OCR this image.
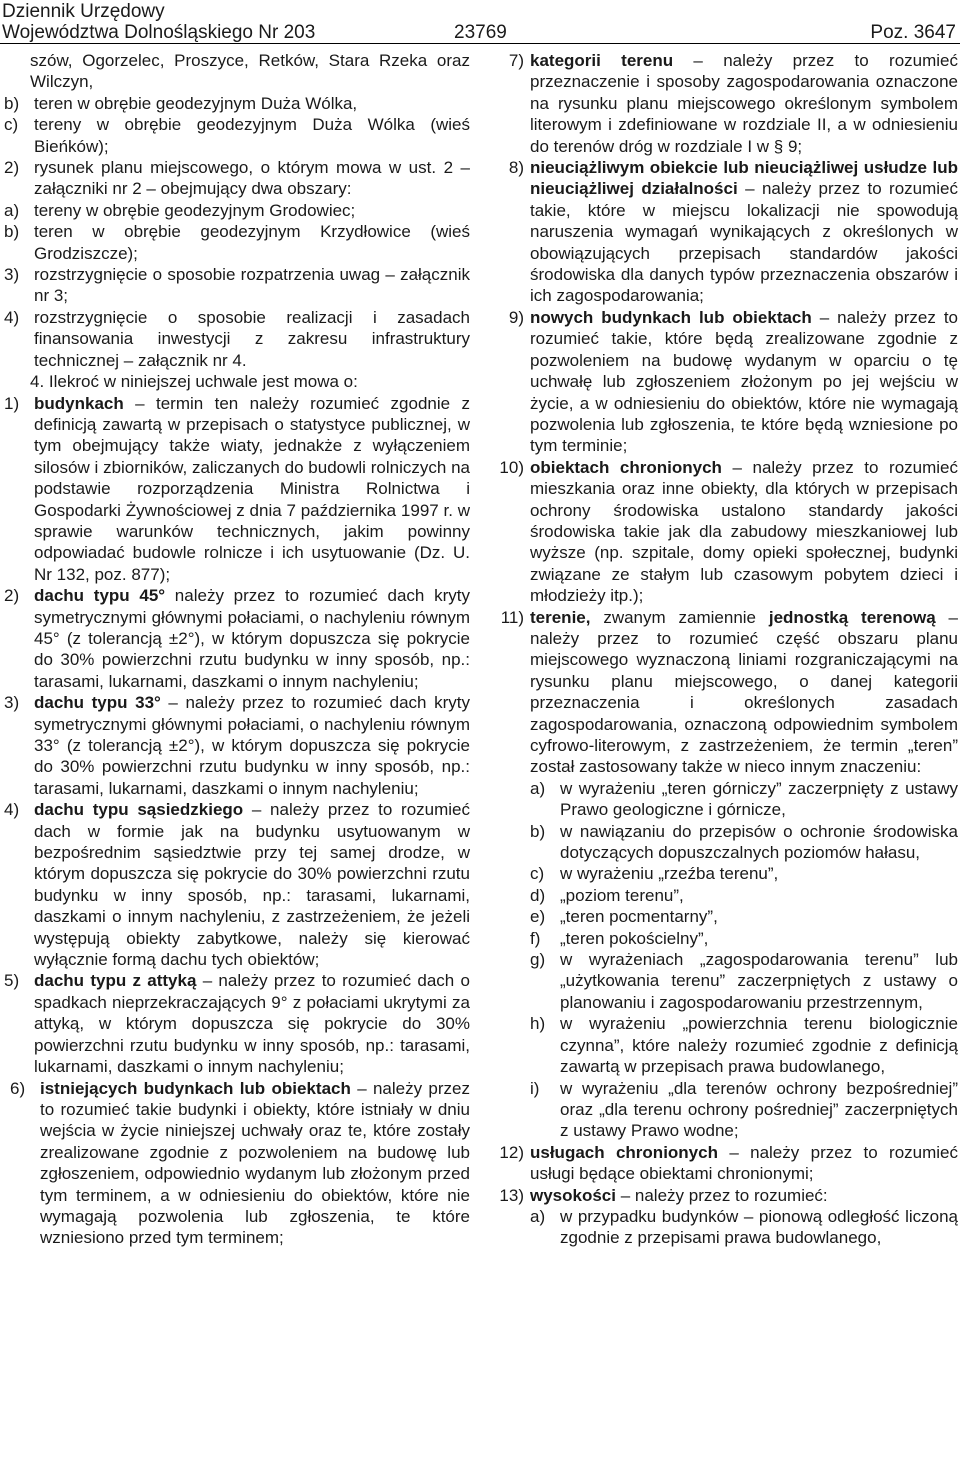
Dziennik Urzędowy
Województwa Dolnośląskiego Nr 203	23769	Poz. 3647

szów, Ogorzelec, Proszyce, Retków, Stara Rzeka oraz Wilczyn,

b) teren w obrębie geodezyjnym Duża Wólka,

c) tereny w obrębie geodezyjnym Duża Wólka (wieś Bieńków);

2) rysunek planu miejscowego, o którym mowa w ust. 2 – załączniki nr 2 – obejmujący dwa obszary:

a) tereny w obrębie geodezyjnym Grodowiec;

b) teren w obrębie geodezyjnym Krzydłowice (wieś Grodziszcze);

3) rozstrzygnięcie o sposobie rozpatrzenia uwag – załącznik nr 3;

4) rozstrzygnięcie o sposobie realizacji i zasadach finansowania inwestycji z zakresu infrastruktury technicznej – załącznik nr 4.

4. Ilekroć w niniejszej uchwale jest mowa o:

1) budynkach – termin ten należy rozumieć zgodnie z definicją zawartą w przepisach o statystyce publicznej, w tym obejmujący także wiaty, jednakże z wyłączeniem silosów i zbiorników, zaliczanych do budowli rolniczych na podstawie rozporządzenia Ministra Rolnictwa i Gospodarki Żywnościowej z dnia 7 października 1997 r. w sprawie warunków technicznych, jakim powinny odpowiadać budowle rolnicze i ich usytuowanie (Dz. U. Nr 132, poz. 877);

2) dachu typu 45° należy przez to rozumieć dach kryty symetrycznymi głównymi połaciami, o nachyleniu równym 45° (z tolerancją ±2°), w którym dopuszcza się pokrycie do 30% powierzchni rzutu budynku w inny sposób, np.: tarasami, lukarnami, daszkami o innym nachyleniu;

3) dachu typu 33° – należy przez to rozumieć dach kryty symetrycznymi głównymi połaciami, o nachyleniu równym 33° (z tolerancją ±2°), w którym dopuszcza się pokrycie do 30% powierzchni rzutu budynku w inny sposób, np.: tarasami, lukarnami, daszkami o innym nachyleniu;

4) dachu typu sąsiedzkiego – należy przez to rozumieć dach w formie jak na budynku usytuowanym w bezpośrednim sąsiedztwie przy tej samej drodze, w którym dopuszcza się pokrycie do 30% powierzchni rzutu budynku w inny sposób, np.: tarasami, lukarnami, daszkami o innym nachyleniu, z zastrzeżeniem, że jeżeli występują obiekty zabytkowe, należy się kierować wyłącznie formą dachu tych obiektów;

5) dachu typu z attyką – należy przez to rozumieć dach o spadkach nieprzekraczających 9° z połaciami ukrytymi za attyką, w którym dopuszcza się pokrycie do 30% powierzchni rzutu budynku w inny sposób, np.: tarasami, lukarnami, daszkami o innym nachyleniu;

6) istniejących budynkach lub obiektach – należy przez to rozumieć takie budynki i obiekty, które istniały w dniu wejścia w życie niniejszej uchwały oraz te, które zostały zrealizowane zgodnie z pozwoleniem na budowę lub zgłoszeniem, odpowiednio wydanym lub złożonym przed tym terminem, a w odniesieniu do obiektów, które nie wymagają pozwolenia lub zgłoszenia, te które wzniesiono przed tym terminem;

7) kategorii terenu – należy przez to rozumieć przeznaczenie i sposoby zagospodarowania oznaczone na rysunku planu miejscowego określonym symbolem literowym i zdefiniowane w rozdziale II, a w odniesieniu do terenów dróg w rozdziale I w § 9;

8) nieuciążliwym obiekcie lub nieuciążliwej usłudze lub nieuciążliwej działalności – należy przez to rozumieć takie, które w miejscu lokalizacji nie spowodują naruszenia wymagań wynikających z określonych w obowiązujących przepisach standardów jakości środowiska dla danych typów przeznaczenia obszarów i ich zagospodarowania;

9) nowych budynkach lub obiektach – należy przez to rozumieć takie, które będą zrealizowane zgodnie z pozwoleniem na budowę wydanym w oparciu o tę uchwałę lub zgłoszeniem złożonym po jej wejściu w życie, a w odniesieniu do obiektów, które nie wymagają pozwolenia lub zgłoszenia, te które będą wzniesione po tym terminie;

10) obiektach chronionych – należy przez to rozumieć mieszkania oraz inne obiekty, dla których w przepisach ochrony środowiska ustalono standardy jakości środowiska takie jak dla zabudowy mieszkaniowej lub wyższe (np. szpitale, domy opieki społecznej, budynki związane ze stałym lub czasowym pobytem dzieci i młodzieży itp.);

11) terenie, zwanym zamiennie jednostką terenową – należy przez to rozumieć część obszaru planu miejscowego wyznaczoną liniami rozgraniczającymi na rysunku planu miejscowego, o danej kategorii przeznaczenia i określonych zasadach zagospodarowania, oznaczoną odpowiednim symbolem cyfrowo-literowym, z zastrzeżeniem, że termin „teren” został zastosowany także w nieco innym znaczeniu:

a) w wyrażeniu „teren górniczy” zaczerpnięty z ustawy Prawo geologiczne i górnicze,

b) w nawiązaniu do przepisów o ochronie środowiska dotyczących dopuszczalnych poziomów hałasu,

c) w wyrażeniu „rzeźba terenu”,

d) „poziom terenu”,

e) „teren pocmentarny”,

f) „teren pokościelny”,

g) w wyrażeniach „zagospodarowania terenu” lub „użytkowania terenu” zaczerpniętych z ustawy o planowaniu i zagospodarowaniu przestrzennym,

h) w wyrażeniu „powierzchnia terenu biologicznie czynna”, które należy rozumieć zgodnie z definicją zawartą w przepisach prawa budowlanego,

i) w wyrażeniu „dla terenów ochrony bezpośredniej” oraz „dla terenu ochrony pośredniej” zaczerpniętych z ustawy Prawo wodne;

12) usługach chronionych – należy przez to rozumieć usługi będące obiektami chronionymi;

13) wysokości – należy przez to rozumieć:

a) w przypadku budynków – pionową odległość liczoną zgodnie z przepisami prawa budowlanego,
